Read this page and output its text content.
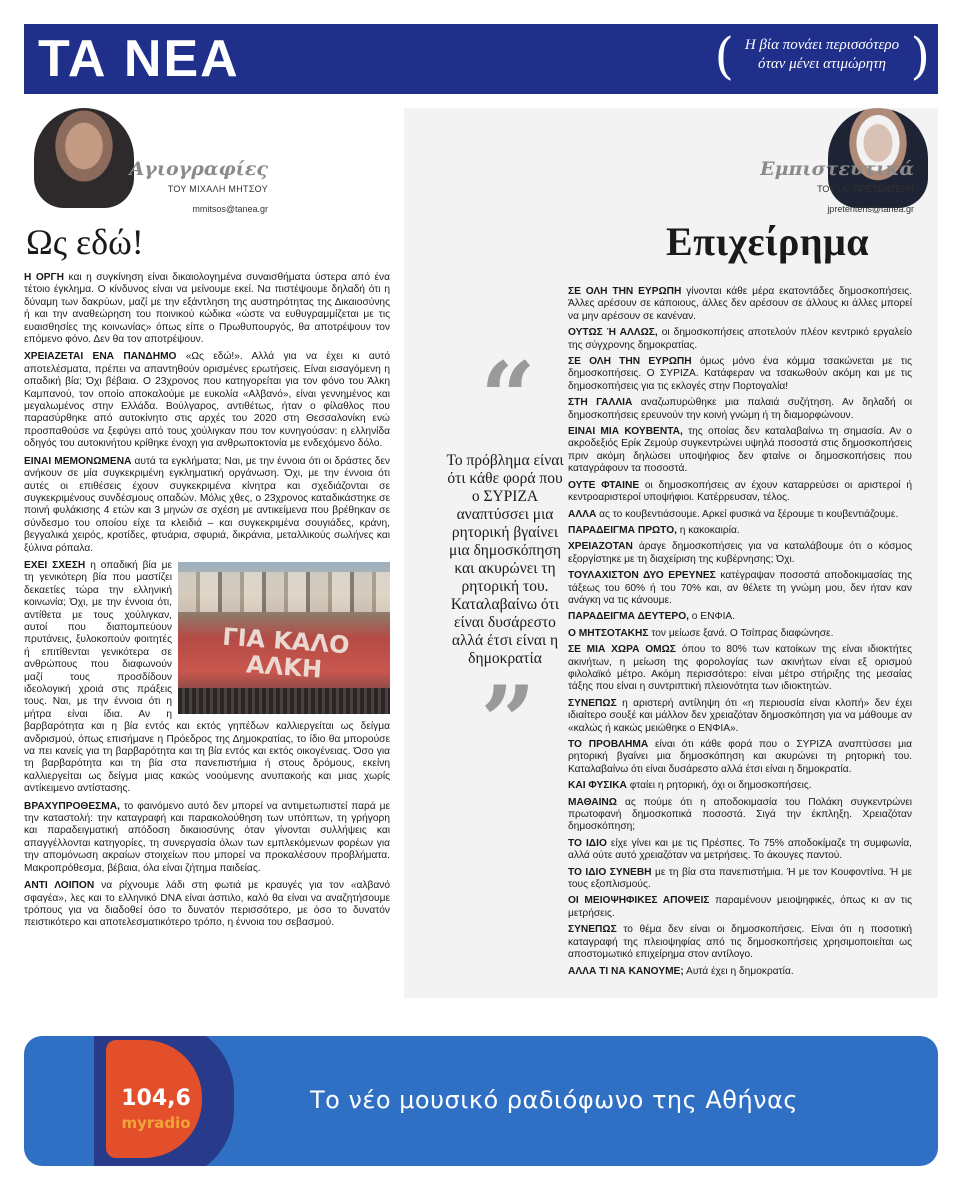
ΤΑ ΝΕΑ	( Η βία πονάει περισσότερο όταν μένει ατιμώρητη )
Αγιογραφίες
ΤΟΥ ΜΙΧΑΛΗ ΜΗΤΣΟΥ
mmitsos@tanea.gr
Ως εδώ!

Η ΟΡΓΗ και η συγκίνηση είναι δικαιολογημένα συναισθήματα ύστερα από ένα τέτοιο έγκλημα. Ο κίνδυνος είναι να μείνουμε εκεί. Να πιστέψουμε δηλαδή ότι η δύναμη των δακρύων, μαζί με την εξάντληση της αυστηρότητας της Δικαιοσύνης ή και την αναθεώρηση του ποινικού κώδικα «ώστε να ευθυγραμμίζεται με τις ευαισθησίες της κοινωνίας» όπως είπε ο Πρωθυπουργός, θα αποτρέψουν τον επόμενο φόνο. Δεν θα τον αποτρέψουν.

ΧΡΕΙΑΖΕΤΑΙ ΕΝΑ ΠΑΝΔΗΜΟ «Ως εδώ!». Αλλά για να έχει κι αυτό αποτελέσματα, πρέπει να απαντηθούν ορισμένες ερωτήσεις. Είναι εισαγόμενη η οπαδική βία; Όχι βέβαια. Ο 23χρονος που κατηγορείται για τον φόνο του Άλκη Καμπανού, τον οποίο αποκαλούμε με ευκολία «Αλβανό», είναι γεννημένος και μεγαλωμένος στην Ελλάδα. Βούλγαρος, αντιθέτως, ήταν ο φίλαθλος που παρασύρθηκε από αυτοκίνητο στις αρχές του 2020 στη Θεσσαλονίκη ενώ προσπαθούσε να ξεφύγει από τους χούλιγκαν που τον κυνηγούσαν: η ελληνίδα οδηγός του αυτοκινήτου κρίθηκε ένοχη για ανθρωποκτονία με ενδεχόμενο δόλο.

ΕΙΝΑΙ ΜΕΜΟΝΩΜΕΝΑ αυτά τα εγκλήματα; Ναι, με την έννοια ότι οι δράστες δεν ανήκουν σε μία συγκεκριμένη εγκληματική οργάνωση. Όχι, με την έννοια ότι αυτές οι επιθέσεις έχουν συγκεκριμένα κίνητρα και σχεδιάζονται σε συγκεκριμένους συνδέσμους οπαδών. Μόλις χθες, ο 23χρονος καταδικάστηκε σε ποινή φυλάκισης 4 ετών και 3 μηνών σε σχέση με αντικείμενα που βρέθηκαν σε σύνδεσμο του οποίου είχε τα κλειδιά – και συγκεκριμένα σουγιάδες, κράνη, βεγγαλικά χειρός, κροτίδες, φτυάρια, σφυριά, δικράνια, μεταλλικούς σωλήνες και ξύλινα ρόπαλα.

ΓΙΑ ΚΑΛΟ ΑΛΚΗ
ΕΧΕΙ ΣΧΕΣΗ η οπαδική βία με τη γενικότερη βία που μαστίζει δεκαετίες τώρα την ελληνική κοινωνία; Όχι, με την έννοια ότι, αντίθετα με τους χούλιγκαν, αυτοί που διαπομπεύουν πρυτάνεις, ξυλοκοπούν φοιτητές ή επιτίθενται γενικότερα σε ανθρώπους που διαφωνούν μαζί τους προσδίδουν ιδεολογική χροιά στις πράξεις τους. Ναι, με την έννοια ότι η μήτρα είναι ίδια. Αν η βαρβαρότητα και η βία εντός και εκτός γηπέδων καλλιεργείται ως δείγμα ανδρισμού, όπως επισήμανε η Πρόεδρος της Δημοκρατίας, το ίδιο θα μπορούσε να πει κανείς για τη βαρβαρότητα και τη βία εντός και εκτός οικογένειας. Όσο για τη βαρβαρότητα και τη βία στα πανεπιστήμια ή στους δρόμους, εκείνη καλλιεργείται ως δείγμα μιας κακώς νοούμενης ανυπακοής και μιας χωρίς αντίκειμενο αντίστασης.

ΒΡΑΧΥΠΡΟΘΕΣΜΑ, το φαινόμενο αυτό δεν μπορεί να αντιμετωπιστεί παρά με την καταστολή: την καταγραφή και παρακολούθηση των υπόπτων, τη γρήγορη και παραδειγματική απόδοση δικαιοσύνης όταν γίνονται συλλήψεις και απαγγέλλονται κατηγορίες, τη συνεργασία όλων των εμπλεκόμενων φορέων για την απομόνωση ακραίων στοιχείων που μπορεί να προκαλέσουν προβλήματα. Μακροπρόθεσμα, βέβαια, όλα είναι ζήτημα παιδείας.

ΑΝΤΙ ΛΟΙΠΟΝ να ρίχνουμε λάδι στη φωτιά με κραυγές για τον «αλβανό σφαγέα», λες και το ελληνικό DNA είναι άσπιλο, καλό θα είναι να αναζητήσουμε τρόπους για να διαδοθεί όσο το δυνατόν περισσότερο, με όσο το δυνατόν πειστικότερο και αποτελεσματικότερο τρόπο, η έννοια του σεβασμού.

Εμπιστευτικά
ΤΟΥ Ι.Κ. ΠΡΕΤΕΝΤΕΡΗ
jpretenteris@tanea.gr
Επιχείρημα
“
Το πρόβλημα είναι ότι κάθε φορά που ο ΣΥΡΙΖΑ αναπτύσσει μια ρητορική βγαίνει μια δημοσκόπηση και ακυρώνει τη ρητορική του. Καταλαβαίνω ότι είναι δυσάρεστο αλλά έτσι είναι η δημοκρατία
”

ΣΕ ΟΛΗ ΤΗΝ ΕΥΡΩΠΗ γίνονται κάθε μέρα εκατοντάδες δημοσκοπήσεις. Άλλες αρέσουν σε κάποιους, άλλες δεν αρέσουν σε άλλους κι άλλες μπορεί να μην αρέσουν σε κανέναν.

ΟΥΤΩΣ Ή ΑΛΛΩΣ, οι δημοσκοπήσεις αποτελούν πλέον κεντρικό εργαλείο της σύγχρονης δημοκρατίας.

ΣΕ ΟΛΗ ΤΗΝ ΕΥΡΩΠΗ όμως μόνο ένα κόμμα τσακώνεται με τις δημοσκοπήσεις. Ο ΣΥΡΙΖΑ. Κατάφεραν να τσακωθούν ακόμη και με τις δημοσκοπήσεις για τις εκλογές στην Πορτογαλία!

ΣΤΗ ΓΑΛΛΙΑ αναζωπυρώθηκε μια παλαιά συζήτηση. Αν δηλαδή οι δημοσκοπήσεις ερευνούν την κοινή γνώμη ή τη διαμορφώνουν.

ΕΙΝΑΙ ΜΙΑ ΚΟΥΒΕΝΤΑ, της οποίας δεν καταλαβαίνω τη σημασία. Αν ο ακροδεξιός Ερίκ Ζεμούρ συγκεντρώνει υψηλά ποσοστά στις δημοσκοπήσεις πριν ακόμη δηλώσει υποψήφιος δεν φταίνε οι δημοσκοπήσεις που καταγράφουν τα ποσοστά.

ΟΥΤΕ ΦΤΑΙΝΕ οι δημοσκοπήσεις αν έχουν καταρρεύσει οι αριστεροί ή κεντροαριστεροί υποψήφιοι. Κατέρρευσαν, τέλος.

ΑΛΛΑ ας το κουβεντιάσουμε. Αρκεί φυσικά να ξέρουμε τι κουβεντιάζουμε.

ΠΑΡΑΔΕΙΓΜΑ ΠΡΩΤΟ, η κακοκαιρία.

ΧΡΕΙΑΖΟΤΑΝ άραγε δημοσκοπήσεις για να καταλάβουμε ότι ο κόσμος εξοργίστηκε με τη διαχείριση της κυβέρνησης; Όχι.

ΤΟΥΛΑΧΙΣΤΟΝ ΔΥΟ ΕΡΕΥΝΕΣ κατέγραψαν ποσοστά αποδοκιμασίας της τάξεως του 60% ή του 70% και, αν θέλετε τη γνώμη μου, δεν ήταν καν ανάγκη να τις κάνουμε.

ΠΑΡΑΔΕΙΓΜΑ ΔΕΥΤΕΡΟ, ο ΕΝΦΙΑ.

Ο ΜΗΤΣΟΤΑΚΗΣ τον μείωσε ξανά. Ο Τσίπρας διαφώνησε.

ΣΕ ΜΙΑ ΧΩΡΑ ΟΜΩΣ όπου το 80% των κατοίκων της είναι ιδιοκτήτες ακινήτων, η μείωση της φορολογίας των ακινήτων είναι εξ ορισμού φιλολαϊκό μέτρο. Ακόμη περισσότερο: είναι μέτρο στήριξης της μεσαίας τάξης που είναι η συντριπτική πλειονότητα των ιδιοκτητών.

ΣΥΝΕΠΩΣ η αριστερή αντίληψη ότι «η περιουσία είναι κλοπή» δεν έχει ιδιαίτερο σουξέ και μάλλον δεν χρειαζόταν δημοσκόπηση για να μάθουμε αν «καλώς ή κακώς μειώθηκε ο ΕΝΦΙΑ».

ΤΟ ΠΡΟΒΛΗΜΑ είναι ότι κάθε φορά που ο ΣΥΡΙΖΑ αναπτύσσει μια ρητορική βγαίνει μια δημοσκόπηση και ακυρώνει τη ρητορική του. Καταλαβαίνω ότι είναι δυσάρεστο αλλά έτσι είναι η δημοκρατία.

ΚΑΙ ΦΥΣΙΚΑ φταίει η ρητορική, όχι οι δημοσκοπήσεις.

ΜΑΘΑΙΝΩ ας πούμε ότι η αποδοκιμασία του Πολάκη συγκεντρώνει πρωτοφανή δημοσκοπικά ποσοστά. Σιγά την έκπληξη. Χρειαζόταν δημοσκόπηση;

ΤΟ ΙΔΙΟ είχε γίνει και με τις Πρέσπες. Το 75% αποδοκίμαζε τη συμφωνία, αλλά ούτε αυτό χρειαζόταν να μετρήσεις. Το άκουγες παντού.

ΤΟ ΙΔΙΟ ΣΥΝΕΒΗ με τη βία στα πανεπιστήμια. Ή με τον Κουφοντίνα. Ή με τους εξοπλισμούς.

ΟΙ ΜΕΙΟΨΗΦΙΚΕΣ ΑΠΟΨΕΙΣ παραμένουν μειοψηφικές, όπως κι αν τις μετρήσεις.

ΣΥΝΕΠΩΣ το θέμα δεν είναι οι δημοσκοπήσεις. Είναι ότι η ποσοτική καταγραφή της πλειοψηφίας από τις δημοσκοπήσεις χρησιμοποιείται ως αποστομωτικό επιχείρημα στον αντίλογο.

ΑΛΛΑ ΤΙ ΝΑ ΚΑΝΟΥΜΕ; Αυτά έχει η δημοκρατία.

104,6
myradio
Το νέο μουσικό ραδιόφωνο της Αθήνας
